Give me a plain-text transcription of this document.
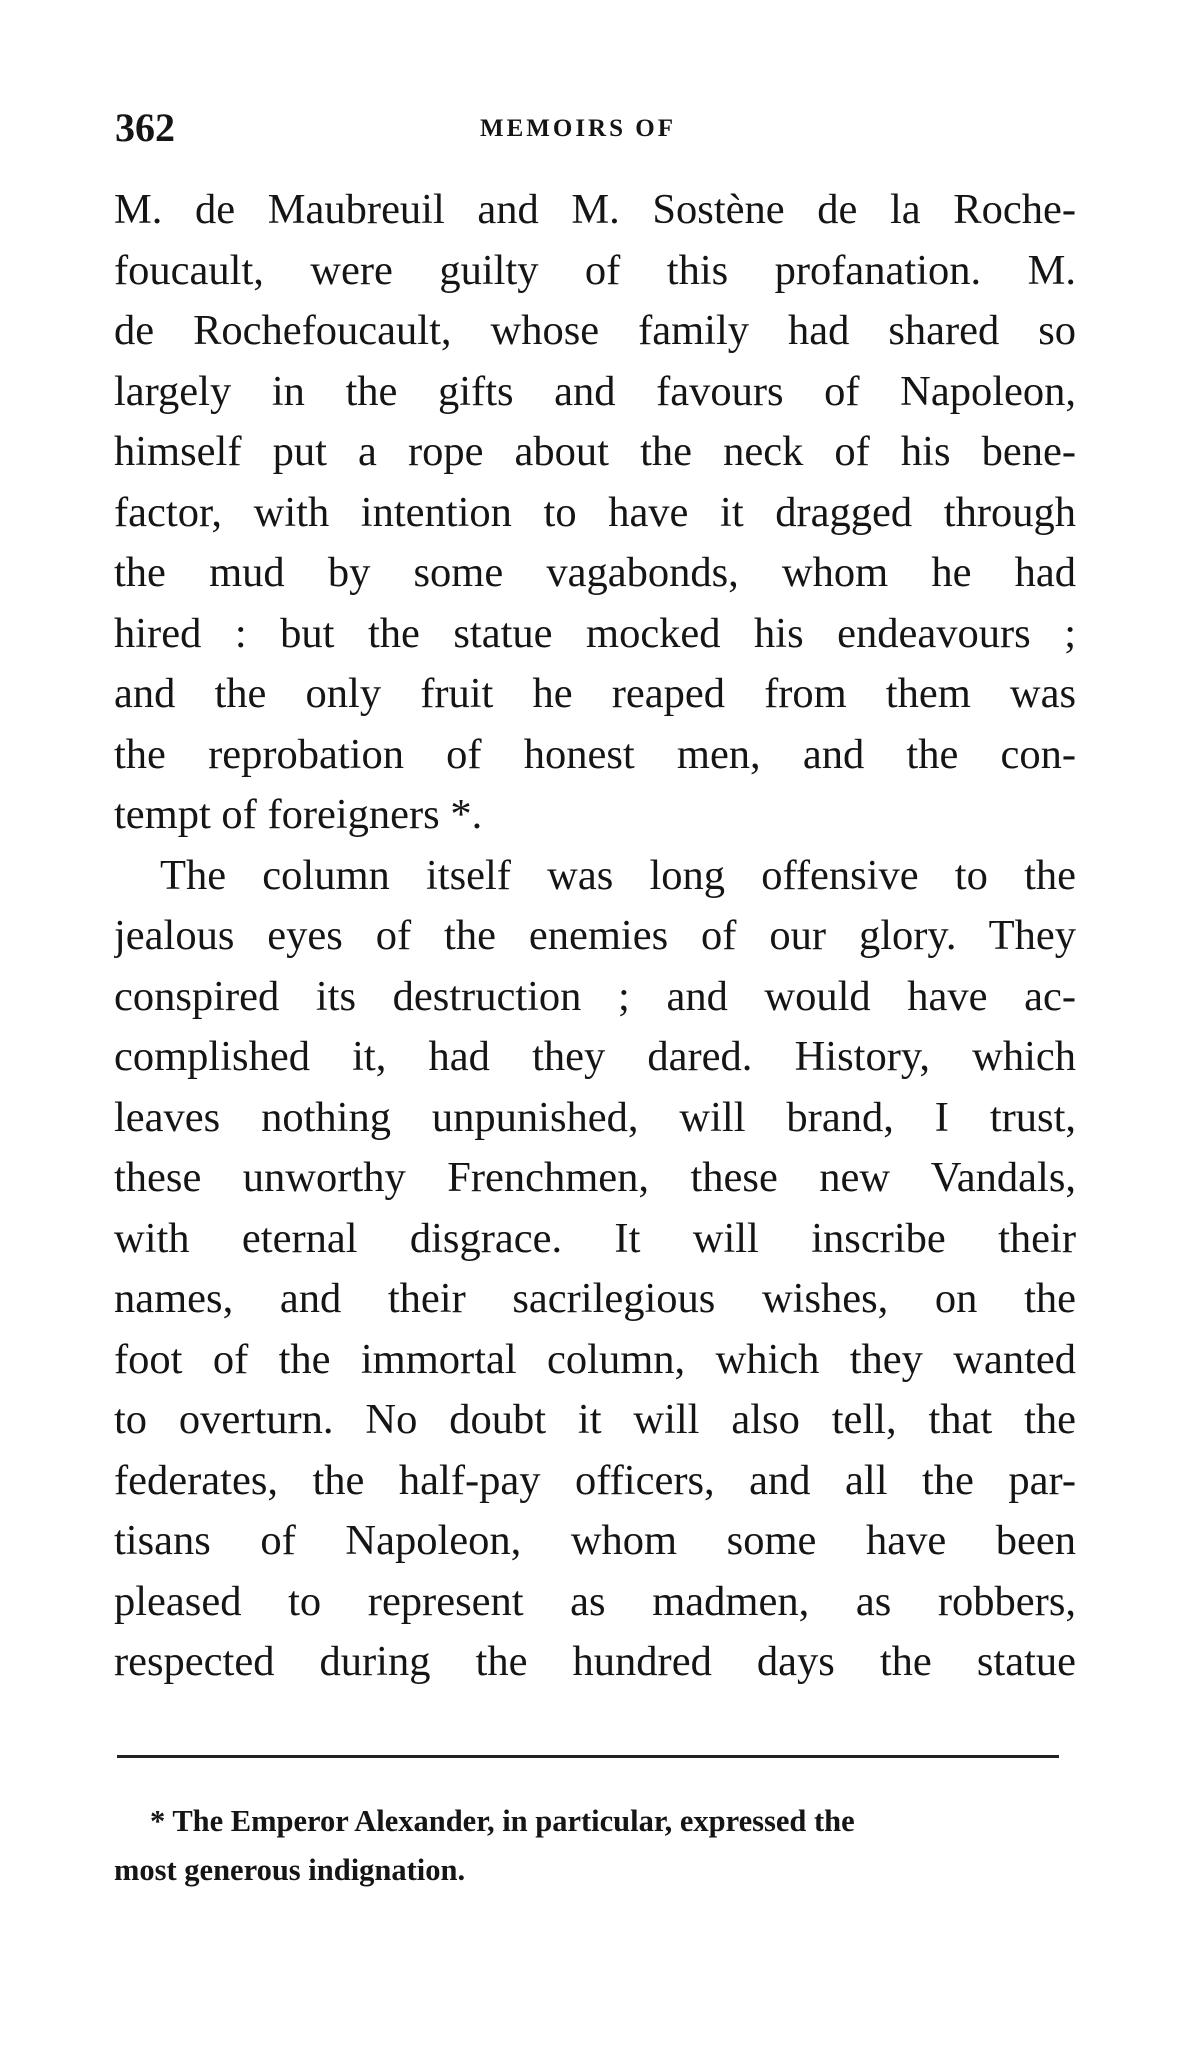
362	MEMOIRS OF
M. de Maubreuil and M. Sostène de la Roche-
foucault, were guilty of this profanation. M.
de Rochefoucault, whose family had shared so
largely in the gifts and favours of Napoleon,
himself put a rope about the neck of his bene-
factor, with intention to have it dragged through
the mud by some vagabonds, whom he had
hired : but the statue mocked his endeavours ;
and the only fruit he reaped from them was
the reprobation of honest men, and the con-
tempt of foreigners *.
The column itself was long offensive to the
jealous eyes of the enemies of our glory. They
conspired its destruction ; and would have ac-
complished it, had they dared. History, which
leaves nothing unpunished, will brand, I trust,
these unworthy Frenchmen, these new Vandals,
with eternal disgrace. It will inscribe their
names, and their sacrilegious wishes, on the
foot of the immortal column, which they wanted
to overturn. No doubt it will also tell, that the
federates, the half-pay officers, and all the par-
tisans of Napoleon, whom some have been
pleased to represent as madmen, as robbers,
respected during the hundred days the statue
* The Emperor Alexander, in particular, expressed the
most generous indignation.
